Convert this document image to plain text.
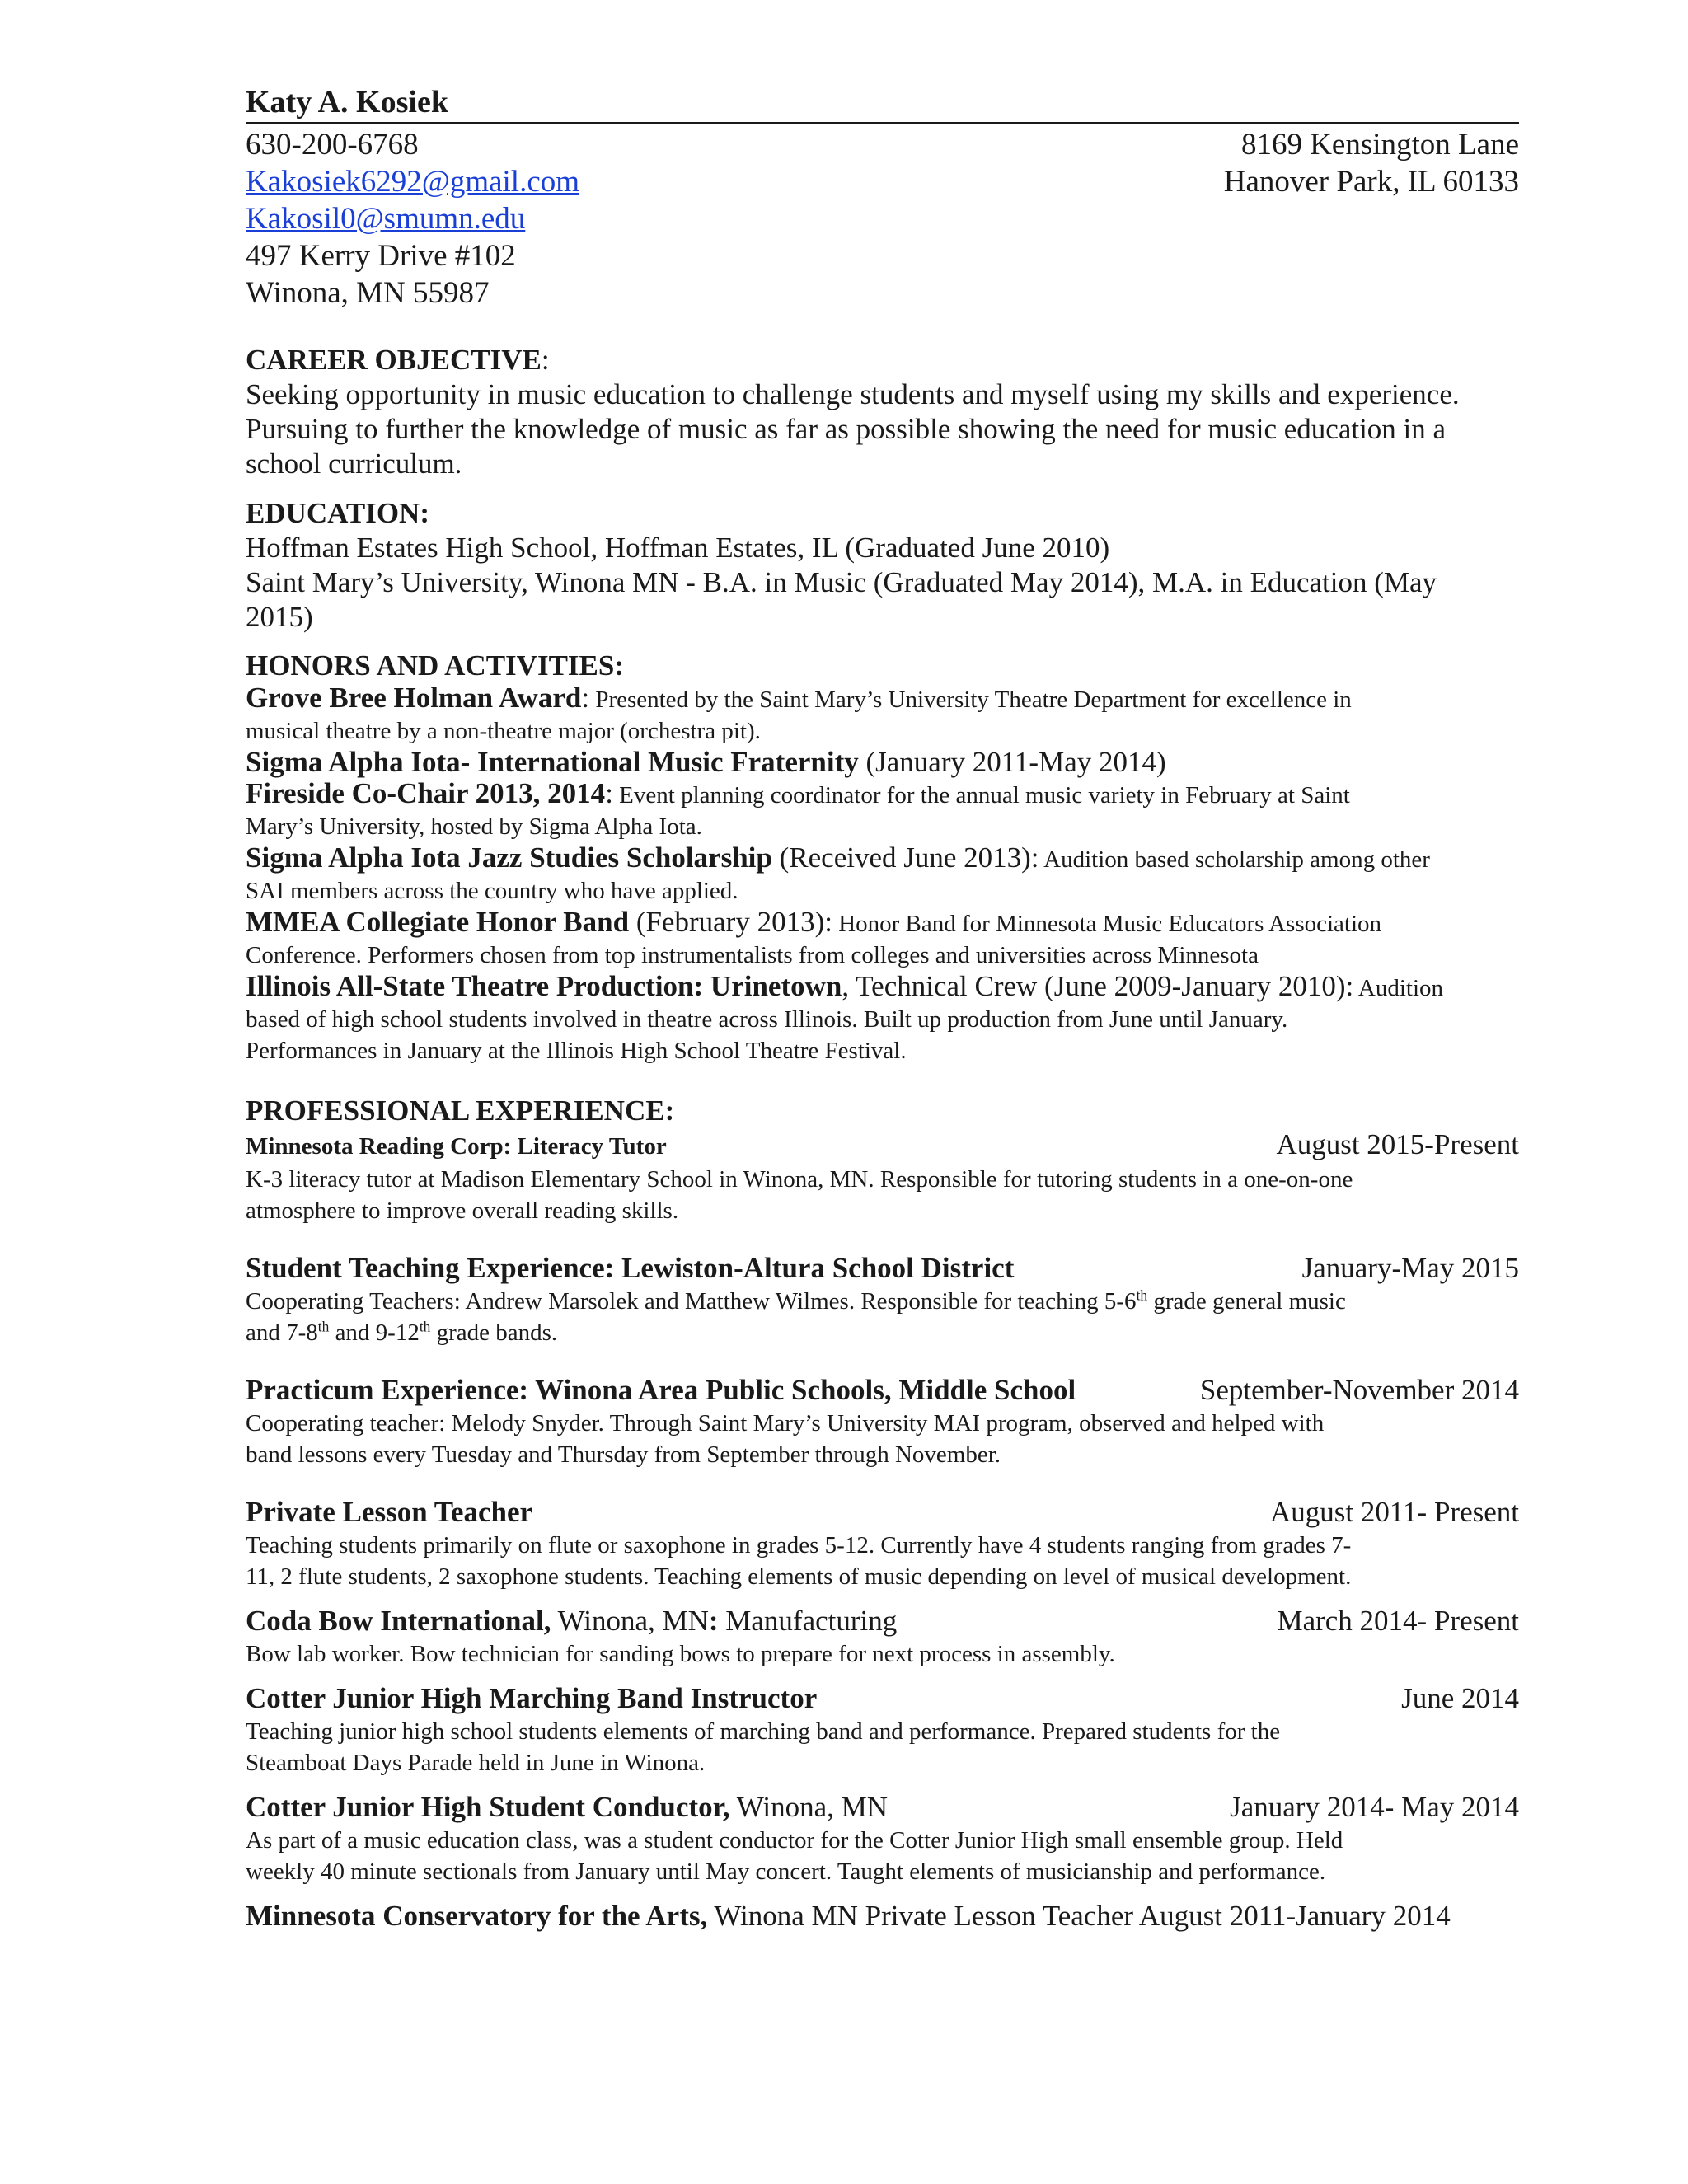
Katy A. Kosiek
630-200-6768
Kakosiek6292@gmail.com
Kakosil0@smumn.edu
497 Kerry Drive #102
Winona, MN 55987
8169 Kensington Lane
Hanover Park, IL 60133
CAREER OBJECTIVE:
Seeking opportunity in music education to challenge students and myself using my skills and experience.
Pursuing to further the knowledge of music as far as possible showing the need for music education in a
school curriculum.
EDUCATION:
Hoffman Estates High School, Hoffman Estates, IL (Graduated June 2010)
Saint Mary’s University, Winona MN - B.A. in Music (Graduated May 2014), M.A. in Education (May
2015)
HONORS AND ACTIVITIES:
Grove Bree Holman Award: Presented by the Saint Mary’s University Theatre Department for excellence in
musical theatre by a non-theatre major (orchestra pit).
Sigma Alpha Iota- International Music Fraternity (January 2011-May 2014)
Fireside Co-Chair 2013, 2014: Event planning coordinator for the annual music variety in February at Saint
Mary’s University, hosted by Sigma Alpha Iota.
Sigma Alpha Iota Jazz Studies Scholarship (Received June 2013): Audition based scholarship among other
SAI members across the country who have applied.
MMEA Collegiate Honor Band (February 2013): Honor Band for Minnesota Music Educators Association
Conference. Performers chosen from top instrumentalists from colleges and universities across Minnesota
Illinois All-State Theatre Production: Urinetown, Technical Crew (June 2009-January 2010): Audition
based of high school students involved in theatre across Illinois. Built up production from June until January.
Performances in January at the Illinois High School Theatre Festival.
PROFESSIONAL EXPERIENCE:
Minnesota Reading Corp: Literacy Tutor	August 2015-Present
K-3 literacy tutor at Madison Elementary School in Winona, MN. Responsible for tutoring students in a one-on-one
atmosphere to improve overall reading skills.
Student Teaching Experience: Lewiston-Altura School District	January-May 2015
Cooperating Teachers: Andrew Marsolek and Matthew Wilmes. Responsible for teaching 5-6th grade general music
and 7-8th and 9-12th grade bands.
Practicum Experience: Winona Area Public Schools, Middle School	September-November 2014
Cooperating teacher: Melody Snyder. Through Saint Mary’s University MAI program, observed and helped with
band lessons every Tuesday and Thursday from September through November.
Private Lesson Teacher	August 2011- Present
Teaching students primarily on flute or saxophone in grades 5-12. Currently have 4 students ranging from grades 7-
11, 2 flute students, 2 saxophone students. Teaching elements of music depending on level of musical development.
Coda Bow International, Winona, MN: Manufacturing	March 2014- Present
Bow lab worker. Bow technician for sanding bows to prepare for next process in assembly.
Cotter Junior High Marching Band Instructor	June 2014
Teaching junior high school students elements of marching band and performance. Prepared students for the
Steamboat Days Parade held in June in Winona.
Cotter Junior High Student Conductor, Winona, MN	January 2014- May 2014
As part of a music education class, was a student conductor for the Cotter Junior High small ensemble group. Held
weekly 40 minute sectionals from January until May concert. Taught elements of musicianship and performance.
Minnesota Conservatory for the Arts, Winona MN Private Lesson Teacher August 2011-January 2014
